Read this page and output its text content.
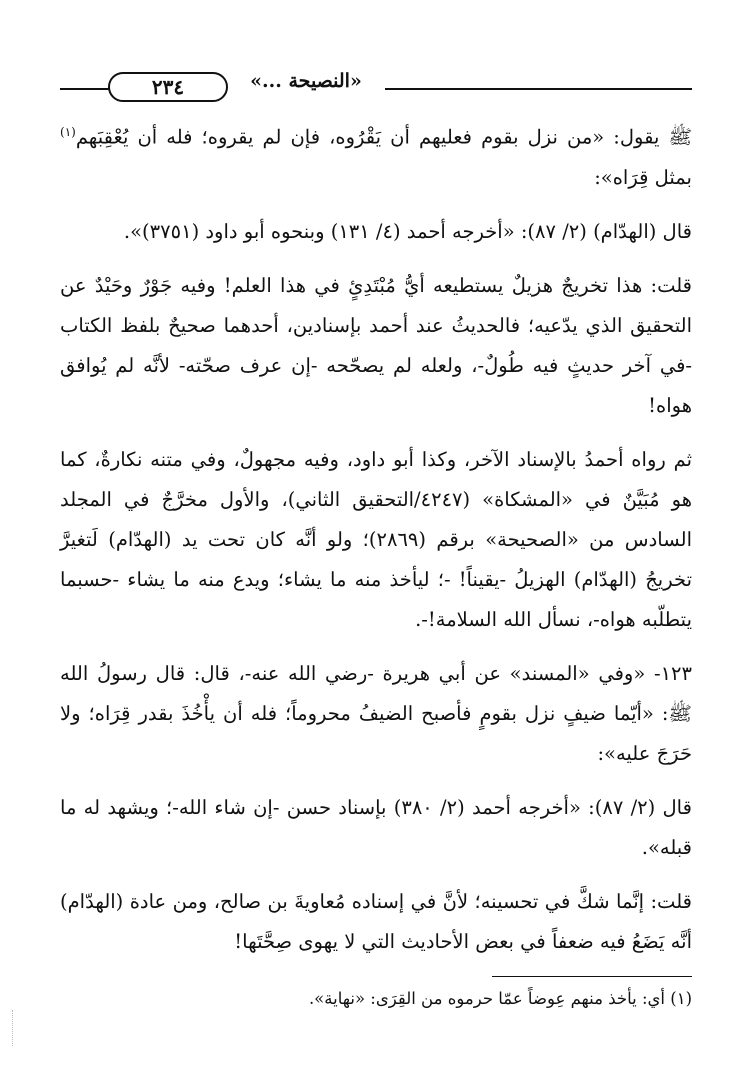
٢٣٤	«النصيحة ...»

ﷺ يقول: «من نزل بقوم فعليهم أن يَقْرُوه، فإن لم يقروه؛ فله أن يُعْقِبَهم$^{(١)}$ بمثل قِرَاه»:

قال (الهدّام) (٢/ ٨٧): «أخرجه أحمد (٤/ ١٣١) وبنحوه أبو داود (٣٧٥١)».

قلت: هذا تخريجٌ هزيلٌ يستطيعه أيُّ مُبْتَدِئٍ في هذا العلم! وفيه جَوْرٌ وحَيْدٌ عن التحقيق الذي يدّعيه؛ فالحديثُ عند أحمد بإسنادين، أحدهما صحيحٌ بلفظ الكتاب -في آخر حديثٍ فيه طُولٌ-، ولعله لم يصحّحه -إن عرف صحّته- لأنَّه لم يُوافق هواه!

ثم رواه أحمدُ بالإسناد الآخر، وكذا أبو داود، وفيه مجهولٌ، وفي متنه نكارةٌ، كما هو مُبَيَّنٌ في «المشكاة» (٤٢٤٧/التحقيق الثاني)، والأول مخرَّجٌ في المجلد السادس من «الصحيحة» برقم (٢٨٦٩)؛ ولو أنَّه كان تحت يد (الهدّام) لَتغيرَّ تخريجُ (الهدّام) الهزيلُ -يقيناً! -؛ ليأخذ منه ما يشاء؛ ويدع منه ما يشاء -حسبما يتطلّبه هواه-، نسأل الله السلامة!-.

١٢٣- «وفي «المسند» عن أبي هريرة -رضي الله عنه-، قال: قال رسولُ الله ﷺ: «أيّما ضيفٍ نزل بقومٍ فأصبح الضيفُ محروماً؛ فله أن يأْخُذَ بقدر قِرَاه؛ ولا حَرَجَ عليه»:

قال (٢/ ٨٧): «أخرجه أحمد (٢/ ٣٨٠) بإسناد حسن -إن شاء الله-؛ ويشهد له ما قبله».

قلت: إنَّما شكَّ في تحسينه؛ لأنَّ في إسناده مُعاويةَ بن صالح، ومن عادة (الهدّام) أنَّه يَضَعُ فيه ضعفاً في بعض الأحاديث التي لا يهوى صِحَّتَها!

(١) أي: يأخذ منهم عِوضاً عمّا حرموه من القِرَى: «نهاية».
